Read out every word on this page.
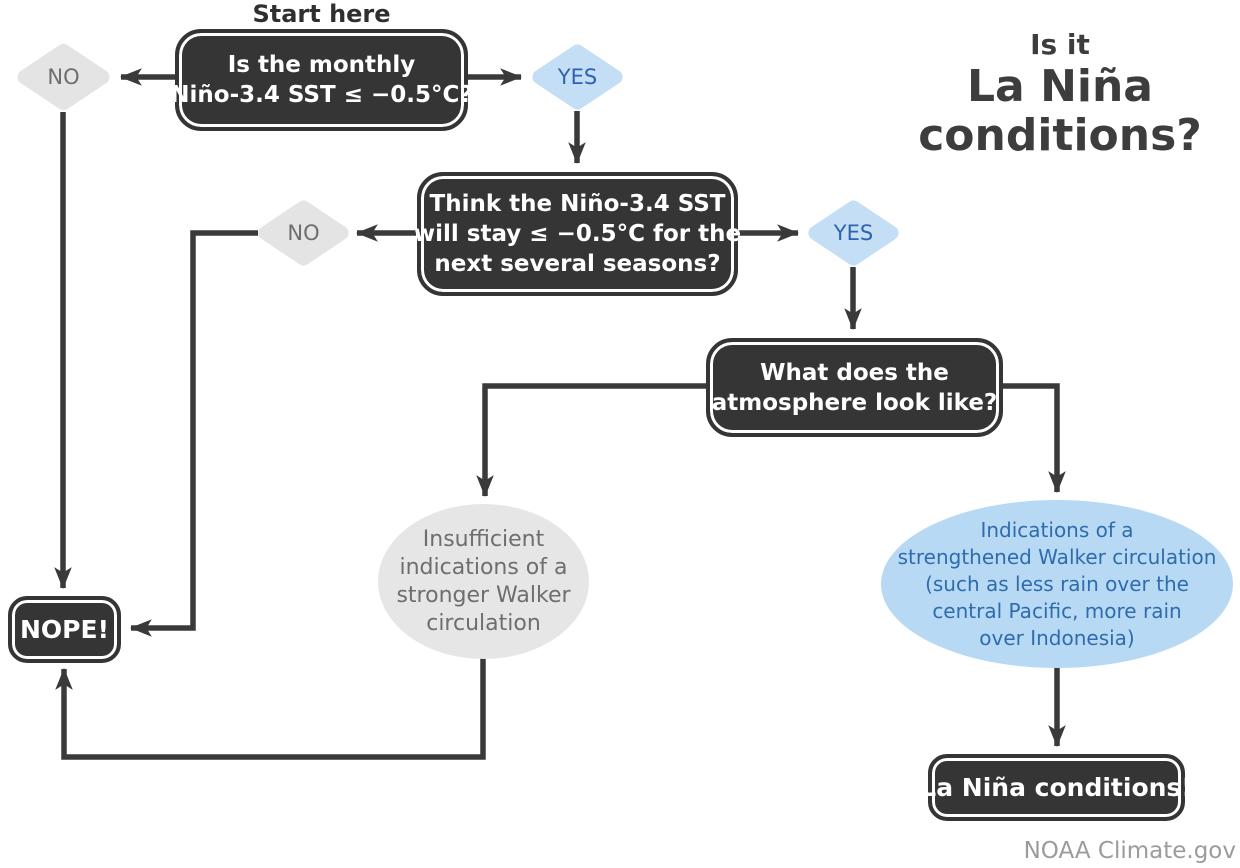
Start here
Is the monthly
Niño-3.4 SST ≤ −0.5°C?
NO	YES
Think the Niño-3.4 SST
will stay ≤ −0.5°C for the
next several seasons?
NO	YES
What does the
atmosphere look like?
Insufficient
indications of a
stronger Walker
circulation
Indications of a
strengthened Walker circulation
(such as less rain over the
central Pacific, more rain
over Indonesia)
NOPE!
La Niña conditions!
Is it
La Niña
conditions?
NOAA Climate.gov
